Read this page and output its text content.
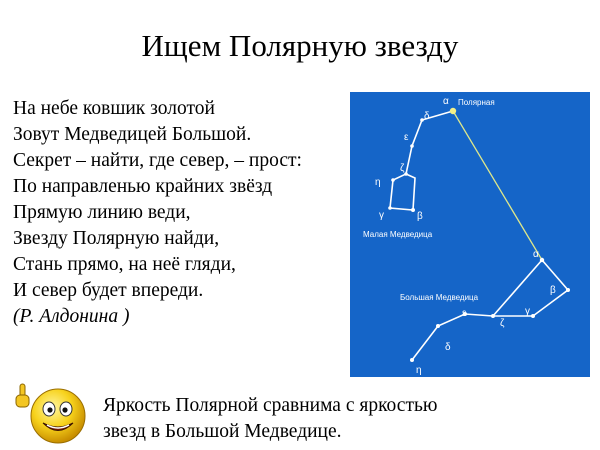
Ищем Полярную звезду
На небе ковшик золотой
Зовут Медведицей Большой.
Секрет – найти, где север, – прост:
По направленью крайних звёзд
Прямую линию веди,
Звезду Полярную найди,
Стань прямо, на неё гляди,
И север будет впереди.
(Р. Алдонина )
α Полярная
δ
ε
ζ
η
γ	β
Малая Медведица
α
β
γ
ε
ζ
δ
η
Большая Медведица
Яркость Полярной сравнима с яркостью
звезд в Большой Медведице.
